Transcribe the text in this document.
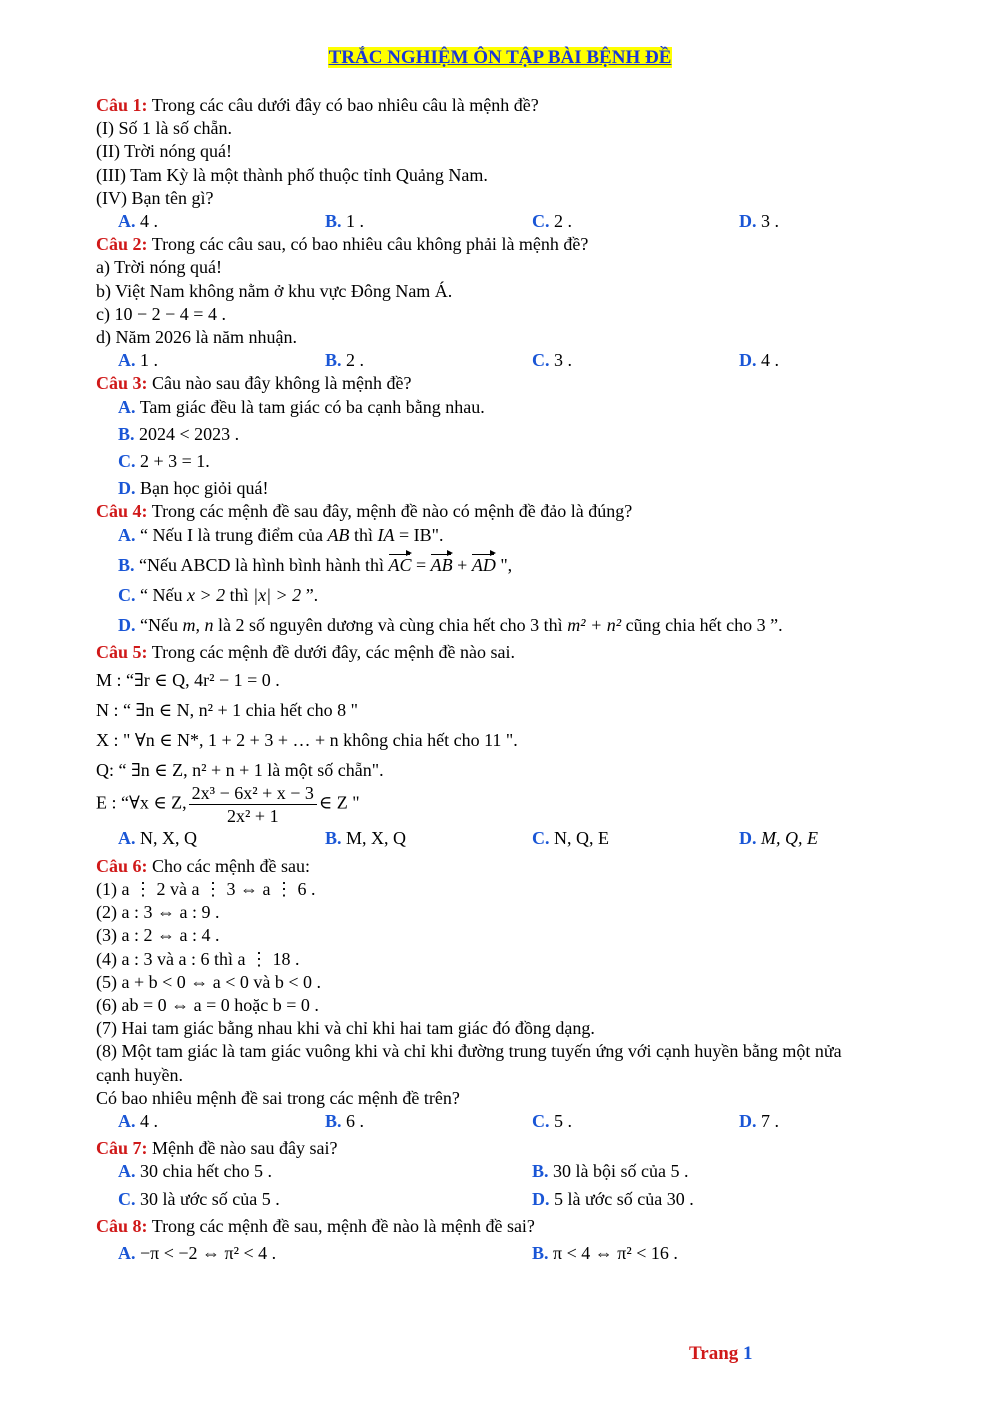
TRẮC NGHIỆM ÔN TẬP BÀI BỆNH ĐỀ
Câu 1: Trong các câu dưới đây có bao nhiêu câu là mệnh đề?
(I) Số 1 là số chẵn.
(II) Trời nóng quá!
(III) Tam Kỳ là một thành phố thuộc tỉnh Quảng Nam.
(IV) Bạn tên gì?
A. 4 .	B. 1 .	C. 2 .	D. 3 .
Câu 2: Trong các câu sau, có bao nhiêu câu không phải là mệnh đề?
a) Trời nóng quá!
b) Việt Nam không nằm ở khu vực Đông Nam Á.
c) 10 − 2 − 4 = 4 .
d) Năm 2026 là năm nhuận.
A. 1 .	B. 2 .	C. 3 .	D. 4 .
Câu 3: Câu nào sau đây không là mệnh đề?
A. Tam giác đều là tam giác có ba cạnh bằng nhau.
B. 2024 < 2023 .
C. 2 + 3 = 1.
D. Bạn học giỏi quá!
Câu 4: Trong các mệnh đề sau đây, mệnh đề nào có mệnh đề đảo là đúng?
A. “ Nếu I là trung điểm của AB thì IA = IB".
B. “Nếu ABCD là hình bình hành thì AC = AB + AD ",
C. “ Nếu x > 2 thì |x| > 2 ”.
D. “Nếu m, n là 2 số nguyên dương và cùng chia hết cho 3 thì m² + n² cũng chia hết cho 3 ”.
Câu 5: Trong các mệnh đề dưới đây, các mệnh đề nào sai.
M : “∃r ∈ Q, 4r² − 1 = 0 .
N : “ ∃n ∈ N, n² + 1 chia hết cho 8 "
X : " ∀n ∈ N*, 1 + 2 + 3 + … + n không chia hết cho 11 ".
Q: “ ∃n ∈ Z, n² + n + 1 là một số chẵn".
E : “∀x ∈ Z, $\frac{\text{2x³ − 6x² + x − 3}}{\text{2x² + 1}}$ ∈ Z "
A. N, X, Q	B. M, X, Q	C. N, Q, E	D. M, Q, E
Câu 6: Cho các mệnh đề sau:
(1) a ⋮ 2 và a ⋮ 3 ⇔ a ⋮ 6 .
(2) a : 3 ⇔ a : 9 .
(3) a : 2 ⇔ a : 4 .
(4) a : 3 và a : 6 thì a ⋮ 18 .
(5) a + b < 0 ⇔ a < 0 và b < 0 .
(6) ab = 0 ⇔ a = 0 hoặc b = 0 .
(7) Hai tam giác bằng nhau khi và chỉ khi hai tam giác đó đồng dạng.
(8) Một tam giác là tam giác vuông khi và chỉ khi đường trung tuyến ứng với cạnh huyền bằng một nửa
cạnh huyền.
Có bao nhiêu mệnh đề sai trong các mệnh đề trên?
A. 4 .	B. 6 .	C. 5 .	D. 7 .
Câu 7: Mệnh đề nào sau đây sai?
A. 30 chia hết cho 5 .	B. 30 là bội số của 5 .
C. 30 là ước số của 5 .	D. 5 là ước số của 30 .
Câu 8: Trong các mệnh đề sau, mệnh đề nào là mệnh đề sai?
A. −π < −2 ⇔ π² < 4 .	B. π < 4 ⇔ π² < 16 .
Trang 1
